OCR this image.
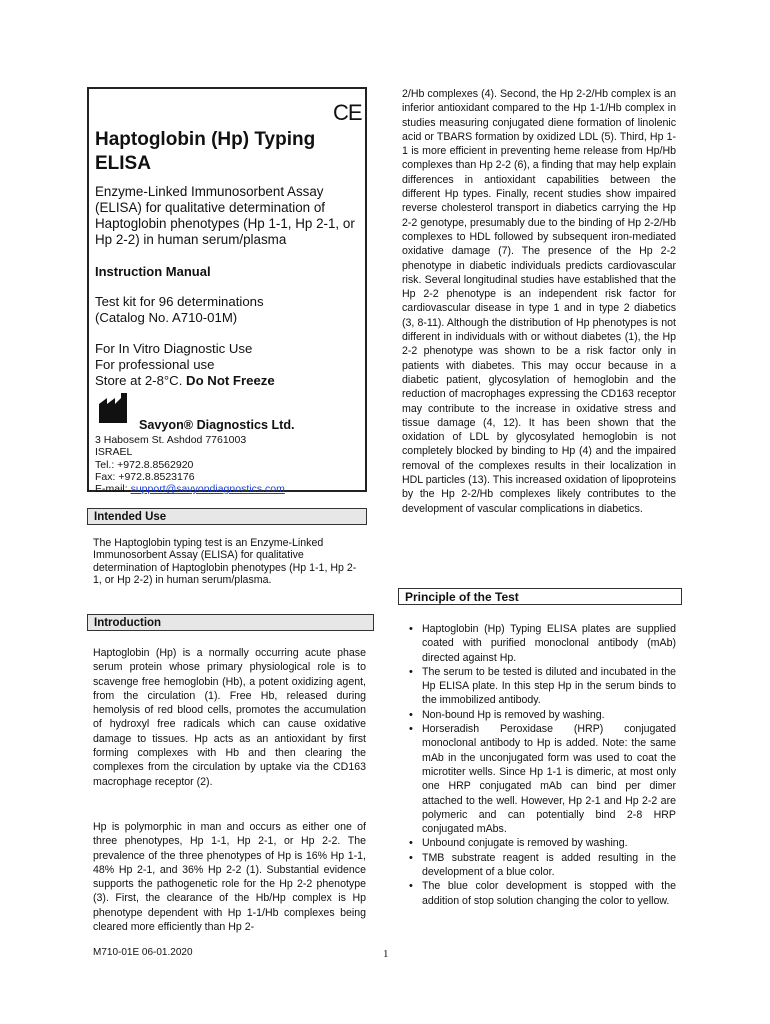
CE
Haptoglobin (Hp) Typing ELISA
Enzyme-Linked Immunosorbent Assay (ELISA) for qualitative determination of Haptoglobin phenotypes (Hp 1-1, Hp 2-1, or Hp 2-2) in human serum/plasma
Instruction Manual
Test kit for 96 determinations
(Catalog No. A710-01M)
For In Vitro Diagnostic Use
For professional use
Store at 2-8°C. Do Not Freeze
Savyon® Diagnostics Ltd.
3 Habosem St. Ashdod 7761003
ISRAEL
Tel.: +972.8.8562920
Fax: +972.8.8523176
E-mail: support@savyondiagnostics.com
Intended Use
The Haptoglobin typing test is an Enzyme-Linked Immunosorbent Assay (ELISA) for qualitative determination of Haptoglobin phenotypes (Hp 1-1, Hp 2-1, or Hp 2-2) in human serum/plasma.
Introduction
Haptoglobin (Hp) is a normally occurring acute phase serum protein whose primary physiological role is to scavenge free hemoglobin (Hb), a potent oxidizing agent, from the circulation (1). Free Hb, released during hemolysis of red blood cells, promotes the accumulation of hydroxyl free radicals which can cause oxidative damage to tissues. Hp acts as an antioxidant by first forming complexes with Hb and then clearing the complexes from the circulation by uptake via the CD163 macrophage receptor (2).
Hp is polymorphic in man and occurs as either one of three phenotypes, Hp 1-1, Hp 2-1, or Hp 2-2. The prevalence of the three phenotypes of Hp is 16% Hp 1-1, 48% Hp 2-1, and 36% Hp 2-2 (1). Substantial evidence supports the pathogenetic role for the Hp 2-2 phenotype (3). First, the clearance of the Hb/Hp complex is Hp phenotype dependent with Hp 1-1/Hb complexes being cleared more efficiently than Hp 2-
2/Hb complexes (4). Second, the Hp 2-2/Hb complex is an inferior antioxidant compared to the Hp 1-1/Hb complex in studies measuring conjugated diene formation of linolenic acid or TBARS formation by oxidized LDL (5). Third, Hp 1-1 is more efficient in preventing heme release from Hp/Hb complexes than Hp 2-2 (6), a finding that may help explain differences in antioxidant capabilities between the different Hp types. Finally, recent studies show impaired reverse cholesterol transport in diabetics carrying the Hp 2-2 genotype, presumably due to the binding of Hp 2-2/Hb complexes to HDL followed by subsequent iron-mediated oxidative damage (7). The presence of the Hp 2-2 phenotype in diabetic individuals predicts cardiovascular risk. Several longitudinal studies have established that the Hp 2-2 phenotype is an independent risk factor for cardiovascular disease in type 1 and in type 2 diabetics (3, 8-11). Although the distribution of Hp phenotypes is not different in individuals with or without diabetes (1), the Hp 2-2 phenotype was shown to be a risk factor only in patients with diabetes. This may occur because in a diabetic patient, glycosylation of hemoglobin and the reduction of macrophages expressing the CD163 receptor may contribute to the increase in oxidative stress and tissue damage (4, 12). It has been shown that the oxidation of LDL by glycosylated hemoglobin is not completely blocked by binding to Hp (4) and the impaired removal of the complexes results in their localization in HDL particles (13). This increased oxidation of lipoproteins by the Hp 2-2/Hb complexes likely contributes to the development of vascular complications in diabetics.
Principle of the Test
• Haptoglobin (Hp) Typing ELISA plates are supplied coated with purified monoclonal antibody (mAb) directed against Hp.
• The serum to be tested is diluted and incubated in the Hp ELISA plate. In this step Hp in the serum binds to the immobilized antibody.
• Non-bound Hp is removed by washing.
• Horseradish Peroxidase (HRP) conjugated monoclonal antibody to Hp is added. Note: the same mAb in the unconjugated form was used to coat the microtiter wells. Since Hp 1-1 is dimeric, at most only one HRP conjugated mAb can bind per dimer attached to the well. However, Hp 2-1 and Hp 2-2 are polymeric and can potentially bind 2-8 HRP conjugated mAbs.
• Unbound conjugate is removed by washing.
• TMB substrate reagent is added resulting in the development of a blue color.
• The blue color development is stopped with the addition of stop solution changing the color to yellow.
M710-01E 06-01.2020	1
